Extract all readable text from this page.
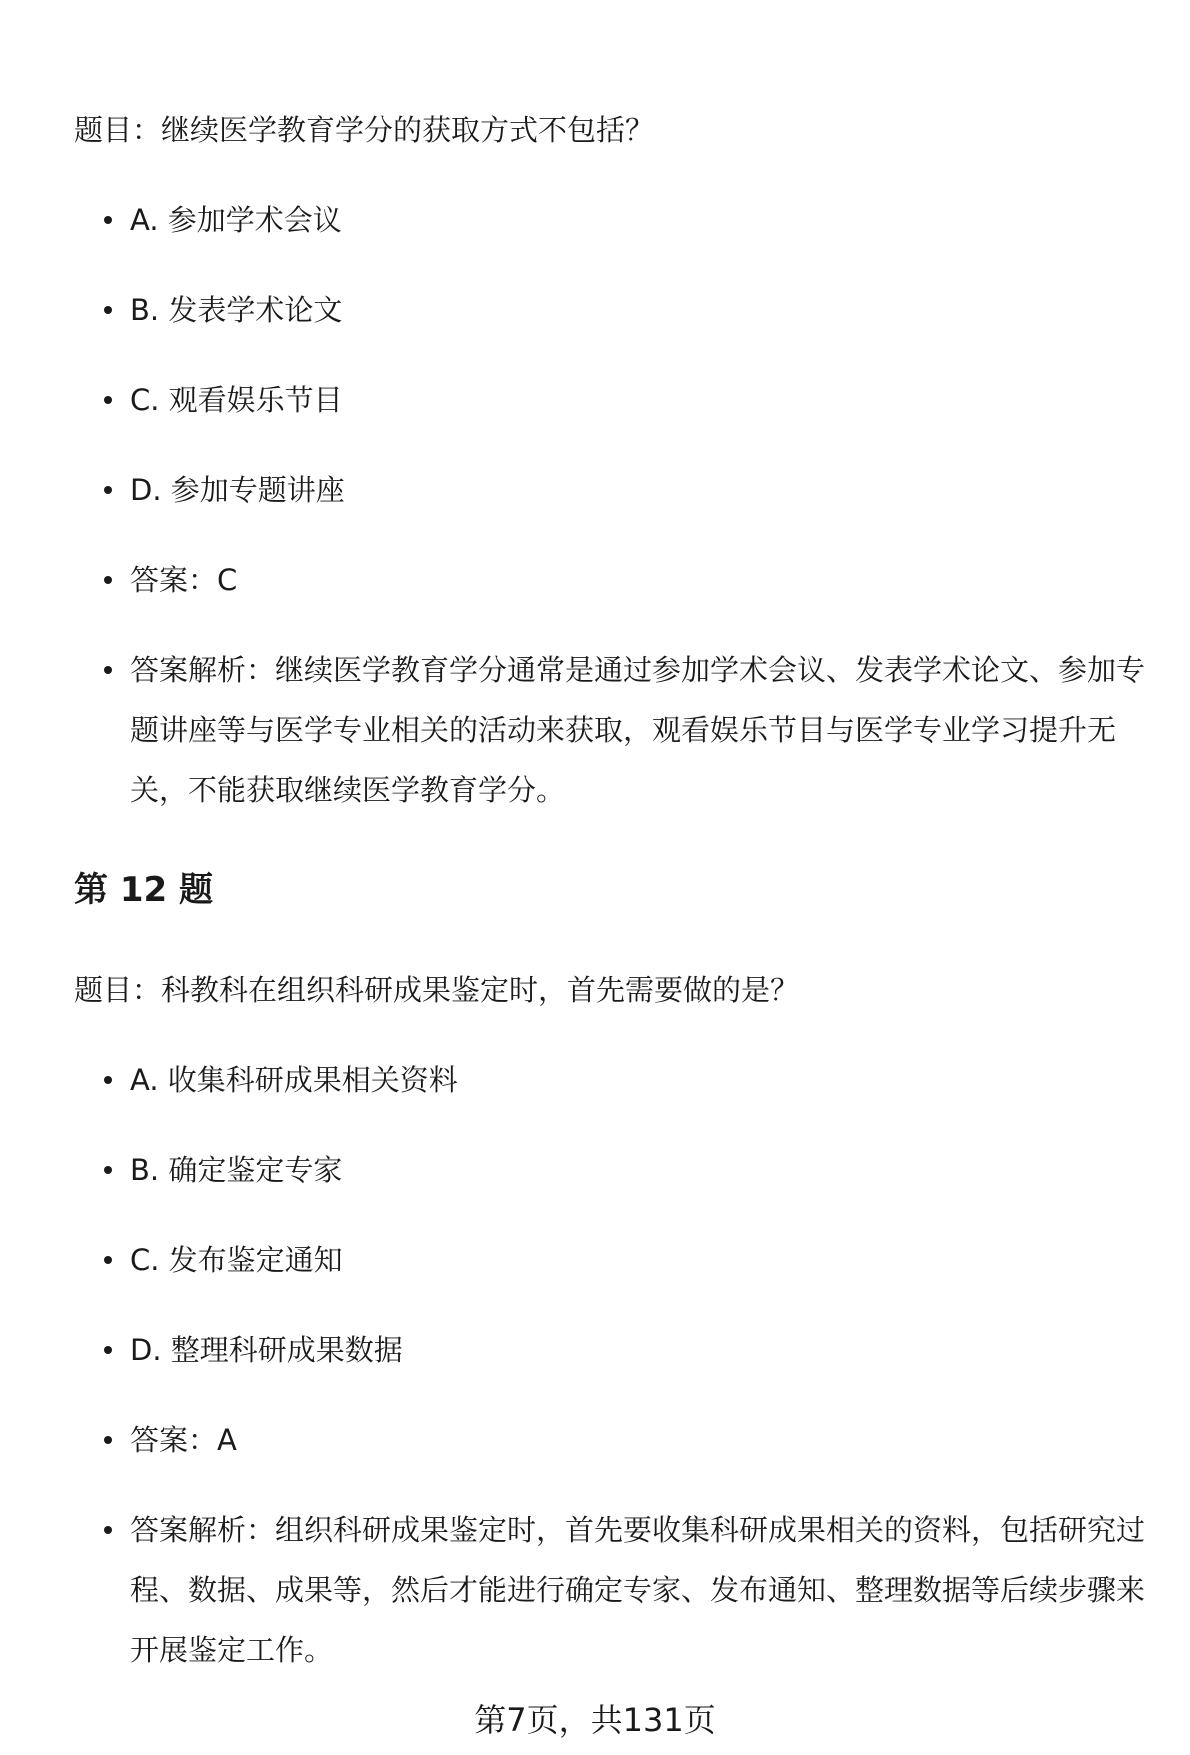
题目：继续医学教育学分的获取方式不包括？

A. 参加学术会议
B. 发表学术论文
C. 观看娱乐节目
D. 参加专题讲座
答案：C
答案解析：继续医学教育学分通常是通过参加学术会议、发表学术论文、参加专题讲座等与医学专业相关的活动来获取，观看娱乐节目与医学专业学习提升无关，不能获取继续医学教育学分。
第 12 题

题目：科教科在组织科研成果鉴定时，首先需要做的是？

A. 收集科研成果相关资料
B. 确定鉴定专家
C. 发布鉴定通知
D. 整理科研成果数据
答案：A
答案解析：组织科研成果鉴定时，首先要收集科研成果相关的资料，包括研究过程、数据、成果等，然后才能进行确定专家、发布通知、整理数据等后续步骤来开展鉴定工作。
第7页，共131页
